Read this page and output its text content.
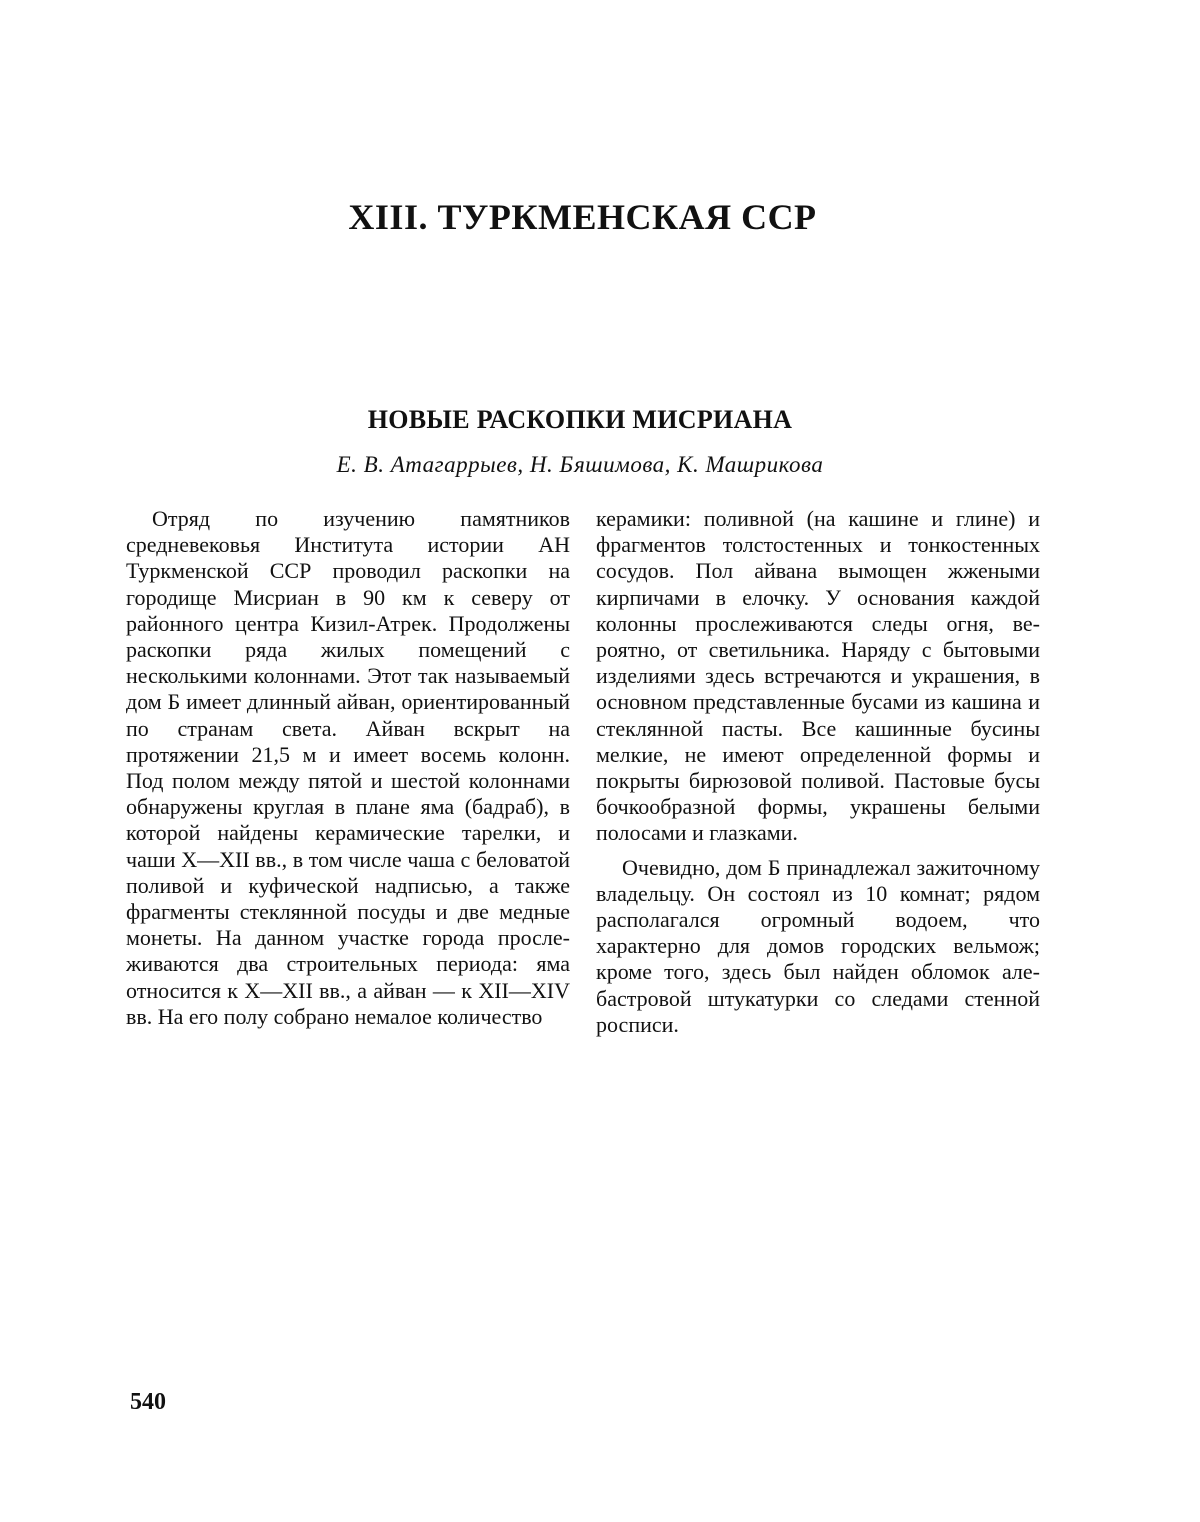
XIII. ТУРКМЕНСКАЯ ССР
НОВЫЕ РАСКОПКИ МИСРИАНА
Е. В. Атагаррыев, Н. Бяшимова, К. Машрикова

Отряд по изучению памятников средневековья Института истории АН Туркменской ССР проводил раскопки на городище Мисриан в 90 км к северу от районного центра Кизил-Атрек. Продолжены раскопки ряда жилых помещений с несколькими колоннами. Этот так называемый дом Б имеет длинный айван, ориентированный по странам света. Айван вскрыт на протяжении 21,5 м и имеет восемь колонн. Под полом между пятой и шестой колоннами обнаружены круглая в плане яма (бадраб), в которой найдены керамические тарелки, и чаши X—XII вв., в том числе чаша с беловатой поливой и куфической надписью, а также фрагменты стеклянной посуды и две медные монеты. На данном участке города прослеживаются два строительных периода: яма относится к X—XII вв., а айван — к XII—XIV вв. На его полу собрано немалое количество

керамики: поливной (на кашине и глине) и фрагментов толстостенных и тонкостенных сосудов. Пол айвана вымощен жжеными кирпичами в елочку. У основания каждой колонны прослеживаются следы огня, вероятно, от светильника. Наряду с бытовыми изделиями здесь встречаются и украшения, в основном представленные бусами из кашина и стеклянной пасты. Все кашинные бусины мелкие, не имеют определенной формы и покрыты бирюзовой поливой. Пастовые бусы бочкообразной формы, украшены белыми полосами и глазками.

Очевидно, дом Б принадлежал зажиточному владельцу. Он состоял из 10 комнат; рядом располагался огромный водоем, что характерно для домов городских вельмож; кроме того, здесь был найден обломок алебастровой штукатурки со следами стенной росписи.

540
